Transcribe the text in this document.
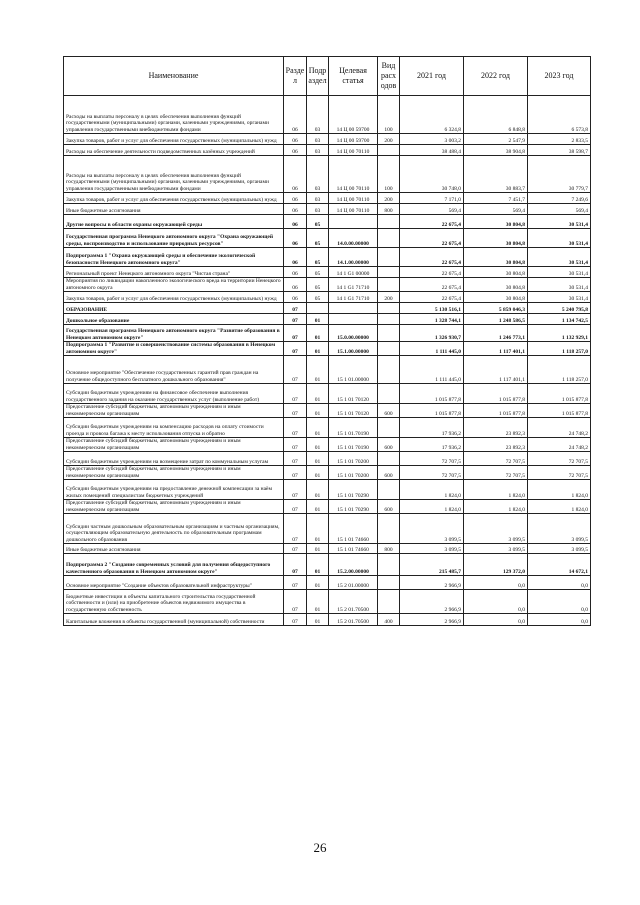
Наименование	Разде л	Подр аздел	Целевая статья	Вид расх одов	2021 год	2022 год	2023 год
Расходы на выплаты персоналу в целях обеспечения выполнения функций государственными (муниципальными) органами, казенными учреждениями, органами управления государственными внебюджетными фондами	06	03	14 Ц 00 59700	100	6 324,8	6 848,8	6 573,8
Закупка товаров, работ и услуг для обеспечения государственных (муниципальных) нужд	06	03	14 Ц 00 59700	200	3 003,2	2 547,9	2 833,5
Расходы на обеспечение деятельности подведомственных казённых учреждений	06	03	14 Ц 00 70110		38 488,4	38 904,8	38 598,7
Расходы на выплаты персоналу в целях обеспечения выполнения функций государственными (муниципальными) органами, казенными учреждениями, органами управления государственными внебюджетными фондами	06	03	14 Ц 00 70110	100	30 748,0	30 883,7	30 779,7
Закупка товаров, работ и услуг для обеспечения государственных (муниципальных) нужд	06	03	14 Ц 00 70110	200	7 171,0	7 451,7	7 249,6
Иные бюджетные ассигнования	06	03	14 Ц 00 70110	800	569,4	569,4	569,4
Другие вопросы в области охраны окружающей среды	06	05			22 675,4	30 804,8	30 531,4
Государственная программа Ненецкого автономного округа "Охрана окружающей среды, воспроизводство и использование природных ресурсов"	06	05	14.0.00.00000		22 675,4	30 804,8	30 531,4
Подпрограмма 1 "Охрана окружающей среды и обеспечение экологической безопасности Ненецкого автономного округа"	06	05	14.1.00.00000		22 675,4	30 804,8	30 531,4
Региональный проект Ненецкого автономного округа "Чистая страна"	06	05	14 1 G1 00000		22 675,4	30 804,8	30 531,4
Мероприятия по ликвидации накопленного экологического вреда на территории Ненецкого автономного округа	06	05	14 1 G1 71710		22 675,4	30 804,8	30 531,4
Закупка товаров, работ и услуг для обеспечения государственных (муниципальных) нужд	06	05	14 1 G1 71710	200	22 675,4	30 804,8	30 531,4
ОБРАЗОВАНИЕ	07				5 130 516,1	5 859 046,3	5 240 795,8
Дошкольное образование	07	01			1 328 744,1	1 248 586,5	1 134 742,5
Государственная программа Ненецкого автономного округа "Развитие образования в Ненецком автономном округе"	07	01	15.0.00.00000		1 326 930,7	1 246 773,1	1 132 929,1
Подпрограмма 1 "Развитие и совершенствование системы образования в Ненецком автономном округе"	07	01	15.1.00.00000		1 111 445,0	1 117 401,1	1 118 257,0
Основное мероприятие "Обеспечение государственных гарантий прав граждан на получение общедоступного бесплатного дошкольного образования"	07	01	15 1 01.00000		1 111 445,0	1 117 401,1	1 118 257,0
Субсидии бюджетным учреждениям на финансовое обеспечение выполнения государственного задания на оказание государственных услуг (выполнение работ)	07	01	15 1 01 70120		1 015 877,8	1 015 877,8	1 015 877,8
Предоставление субсидий бюджетным, автономным учреждениям и иным некоммерческим организациям	07	01	15 1 01 70120	600	1 015 877,8	1 015 877,8	1 015 877,8
Субсидии бюджетным учреждениям на компенсацию расходов на оплату стоимости проезда и провоза багажа к месту использования отпуска и обратно	07	01	15 1 01.70190		17 936,2	23 892,3	24 748,2
Предоставление субсидий бюджетным, автономным учреждениям и иным некоммерческим организациям	07	01	15 1 01 70190	600	17 936,2	23 892,3	24 748,2
Субсидии бюджетным учреждениям на возмещение затрат по коммунальным услугам	07	01	15 1 01 70200		72 707,5	72 707,5	72 707,5
Предоставление субсидий бюджетным, автономным учреждениям и иным некоммерческим организациям	07	01	15 1 01 70200	600	72 707,5	72 707,5	72 707,5
Субсидии бюджетным учреждениям на предоставление денежной компенсации за наём жилых помещений специалистам бюджетных учреждений	07	01	15 1 01 70290		1 824,0	1 824,0	1 824,0
Предоставление субсидий бюджетным, автономным учреждениям и иным некоммерческим организациям	07	01	15 1 01 70290	600	1 824,0	1 824,0	1 824,0
Субсидии частным дошкольным образовательным организациям и частным организациям, осуществляющим образовательную деятельность по образовательным программам дошкольного образования	07	01	15 1 01 74660		3 099,5	3 099,5	3 099,5
Иные бюджетные ассигнования	07	01	15 1 01 74660	800	3 099,5	3 099,5	3 099,5
Подпрограмма 2 "Создание современных условий для получения общедоступного качественного образования в Ненецком автономном округе"	07	01	15.2.00.00000		215 485,7	129 372,0	14 672,1
Основное мероприятие "Создание объектов образовательной инфраструктуры"	07	01	15 2 01.00000		2 966,9	0,0	0,0
Бюджетные инвестиции в объекты капитального строительства государственной собственности и (или) на приобретение объектов недвижимого имущества в государственную собственность	07	01	15 2 01.70500		2 966,9	0,0	0,0
Капитальные вложения в объекты государственной (муниципальной) собственности	07	01	15 2 01.70500	400	2 966,9	0,0	0,0
26
